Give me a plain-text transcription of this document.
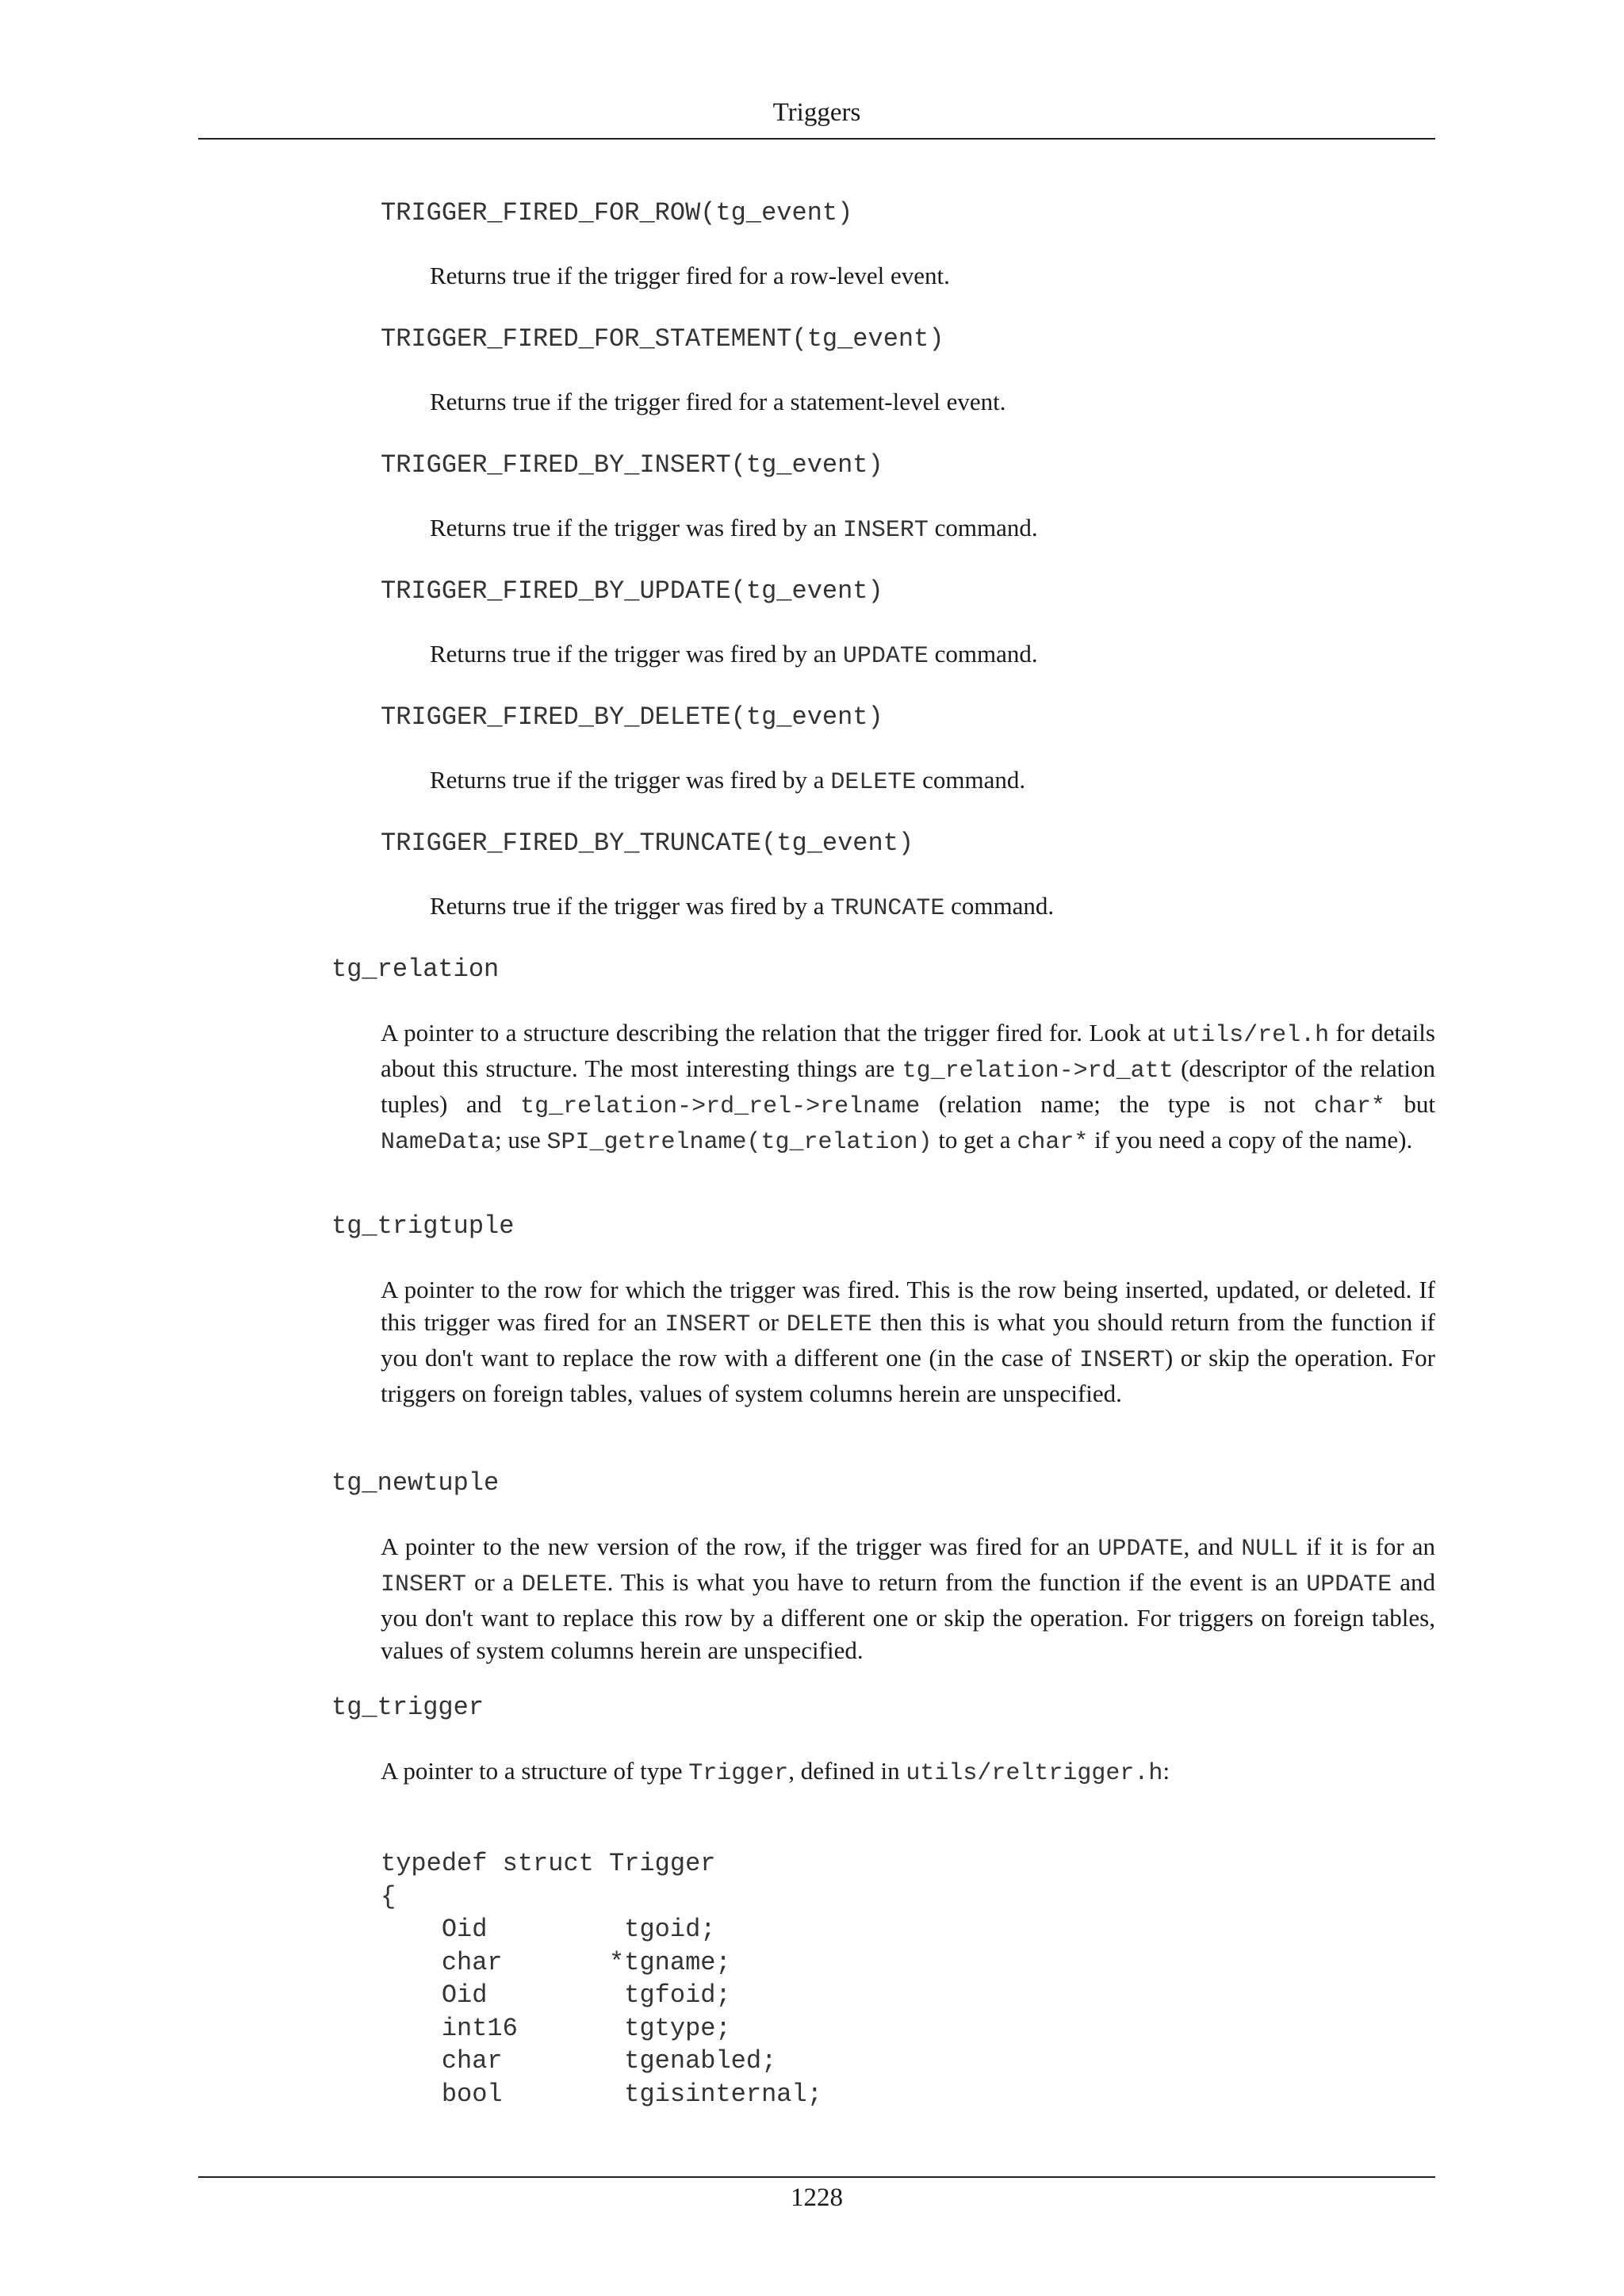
Triggers
TRIGGER_FIRED_FOR_ROW(tg_event)
Returns true if the trigger fired for a row-level event.
TRIGGER_FIRED_FOR_STATEMENT(tg_event)
Returns true if the trigger fired for a statement-level event.
TRIGGER_FIRED_BY_INSERT(tg_event)
Returns true if the trigger was fired by an INSERT command.
TRIGGER_FIRED_BY_UPDATE(tg_event)
Returns true if the trigger was fired by an UPDATE command.
TRIGGER_FIRED_BY_DELETE(tg_event)
Returns true if the trigger was fired by a DELETE command.
TRIGGER_FIRED_BY_TRUNCATE(tg_event)
Returns true if the trigger was fired by a TRUNCATE command.
tg_relation

A pointer to a structure describing the relation that the trigger fired for. Look at utils/rel.h for details about this structure. The most interesting things are tg_relation->rd_att (descriptor of the relation tuples) and tg_relation->rd_rel->relname (relation name; the type is not char* but NameData; use SPI_getrelname(tg_relation) to get a char* if you need a copy of the name).

tg_trigtuple

A pointer to the row for which the trigger was fired. This is the row being inserted, updated, or deleted. If this trigger was fired for an INSERT or DELETE then this is what you should return from the function if you don't want to replace the row with a different one (in the case of INSERT) or skip the operation. For triggers on foreign tables, values of system columns herein are unspecified.

tg_newtuple

A pointer to the new version of the row, if the trigger was fired for an UPDATE, and NULL if it is for an INSERT or a DELETE. This is what you have to return from the function if the event is an UPDATE and you don't want to replace this row by a different one or skip the operation. For triggers on foreign tables, values of system columns herein are unspecified.

tg_trigger

A pointer to a structure of type Trigger, defined in utils/reltrigger.h:

typedef struct Trigger
{
Oid         tgoid;
char       *tgname;
Oid         tgfoid;
int16       tgtype;
char        tgenabled;
bool        tgisinternal;
1228
